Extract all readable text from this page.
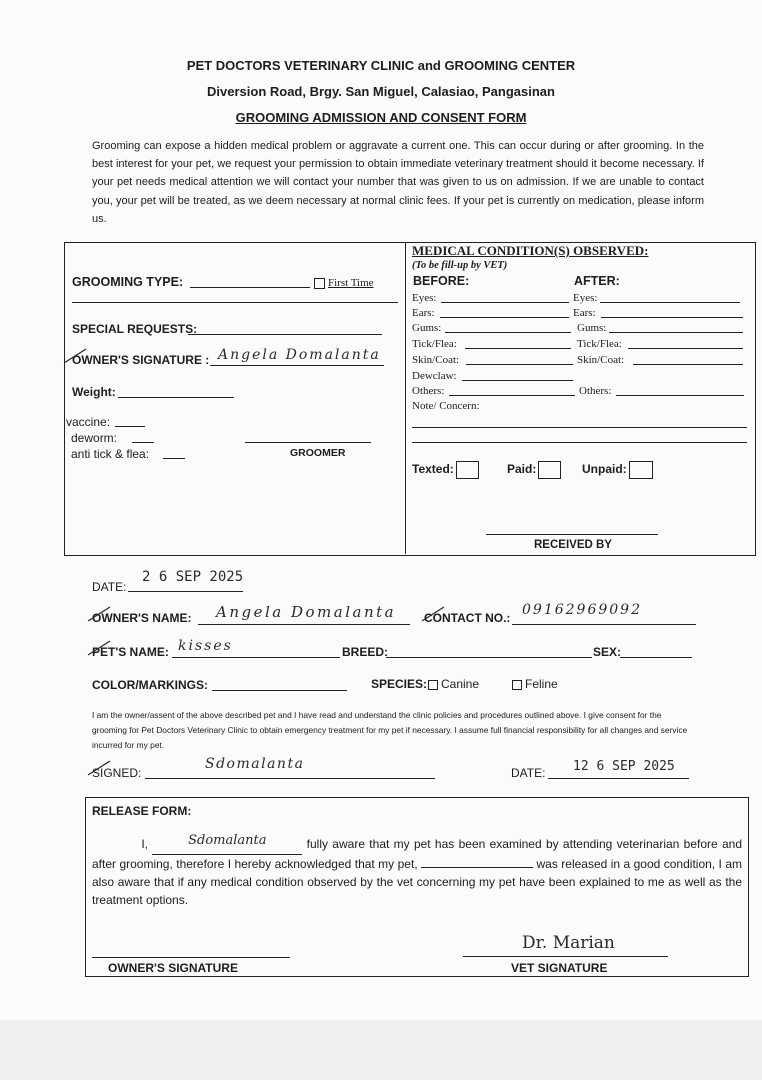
PET DOCTORS VETERINARY CLINIC and GROOMING CENTER
Diversion Road, Brgy. San Miguel, Calasiao, Pangasinan
GROOMING ADMISSION AND CONSENT FORM
Grooming can expose a hidden medical problem or aggravate a current one. This can occur during or after grooming. In the best interest for your pet, we request your permission to obtain immediate veterinary treatment should it become necessary. If your pet needs medical attention we will contact your number that was given to us on admission. If we are unable to contact you, your pet will be treated, as we deem necessary at normal clinic fees. If your pet is currently on medication, please inform us.
GROOMING TYPE:	First Time
SPECIAL REQUESTS:
OWNER'S SIGNATURE : Angela Domalanta
Weight:
vaccine:
deworm:
anti tick & flea:	GROOMER
MEDICAL CONDITION(S) OBSERVED:
(To be fill-up by VET)
BEFORE:	AFTER:
Eyes:	Eyes:
Ears:	Ears:
Gums:	Gums:
Tick/Flea:	Tick/Flea:
Skin/Coat:	Skin/Coat:
Dewclaw:
Others:	Others:
Note/ Concern:
Texted:	Paid:	Unpaid:
RECEIVED BY
DATE:
2 6 SEP 2025
OWNER'S NAME: Angela Domalanta CONTACT NO.: 09162969092
PET'S NAME: kisses	BREED:	SEX:
COLOR/MARKINGS:	SPECIES:	Canine	Feline
I am the owner/assent of the above described pet and I have read and understand the clinic policies and procedures outlined above. I give consent for the grooming for Pet Doctors Veterinary Clinic to obtain emergency treatment for my pet if necessary. I assume full financial responsibility for all changes and service incurred for my pet.
SIGNED:
Sdomalanta
DATE: 12 6 SEP 2025
RELEASE FORM:
I,	Sdomalanta	fully aware that my pet has been examined by attending veterinarian before and after grooming, therefore I hereby acknowledged that my pet,	was released in a good condition, I am also aware that if any medical condition observed by the vet concerning my pet have been explained to me as well as the treatment options.
OWNER'S SIGNATURE
Dr. Marian
VET SIGNATURE
